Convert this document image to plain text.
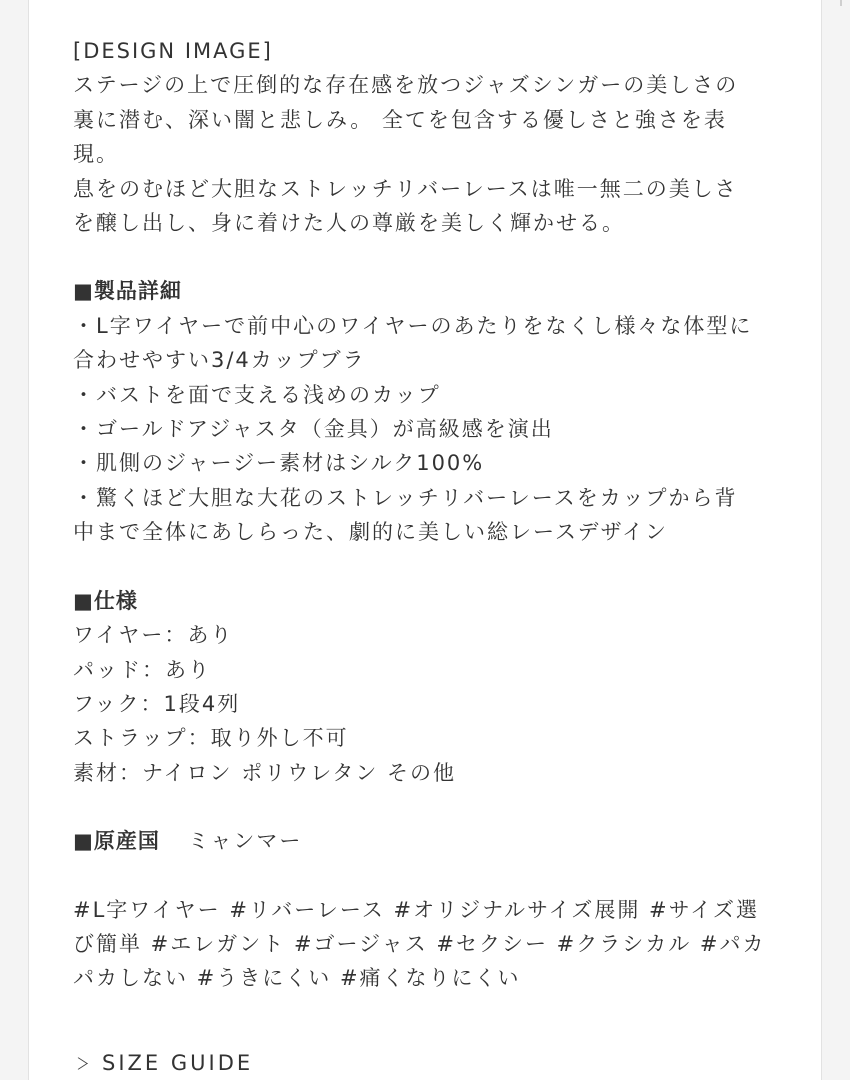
[DESIGN IMAGE]
ステージの上で圧倒的な存在感を放つジャズシンガーの美しさの
裏に潜む、深い闇と悲しみ。 全てを包含する優しさと強さを表
現。
息をのむほど大胆なストレッチリバーレースは唯一無二の美しさ
を醸し出し、身に着けた人の尊厳を美しく輝かせる。

■製品詳細
・L字ワイヤーで前中心のワイヤーのあたりをなくし様々な体型に
合わせやすい3/4カップブラ
・バストを面で支える浅めのカップ
・ゴールドアジャスタ（金具）が高級感を演出
・肌側のジャージー素材はシルク100%
・驚くほど大胆な大花のストレッチリバーレースをカップから背
中まで全体にあしらった、劇的に美しい総レースデザイン

■仕様
ワイヤー：あり
パッド：あり
フック：1段4列
ストラップ：取り外し不可
素材：ナイロン ポリウレタン その他

■原産国 ミャンマー

#L字ワイヤー #リバーレース #オリジナルサイズ展開 #サイズ選
び簡単 #エレガント #ゴージャス #セクシー #クラシカル #パカ
パカしない #うきにくい #痛くなりにくい

SIZE GUIDE
